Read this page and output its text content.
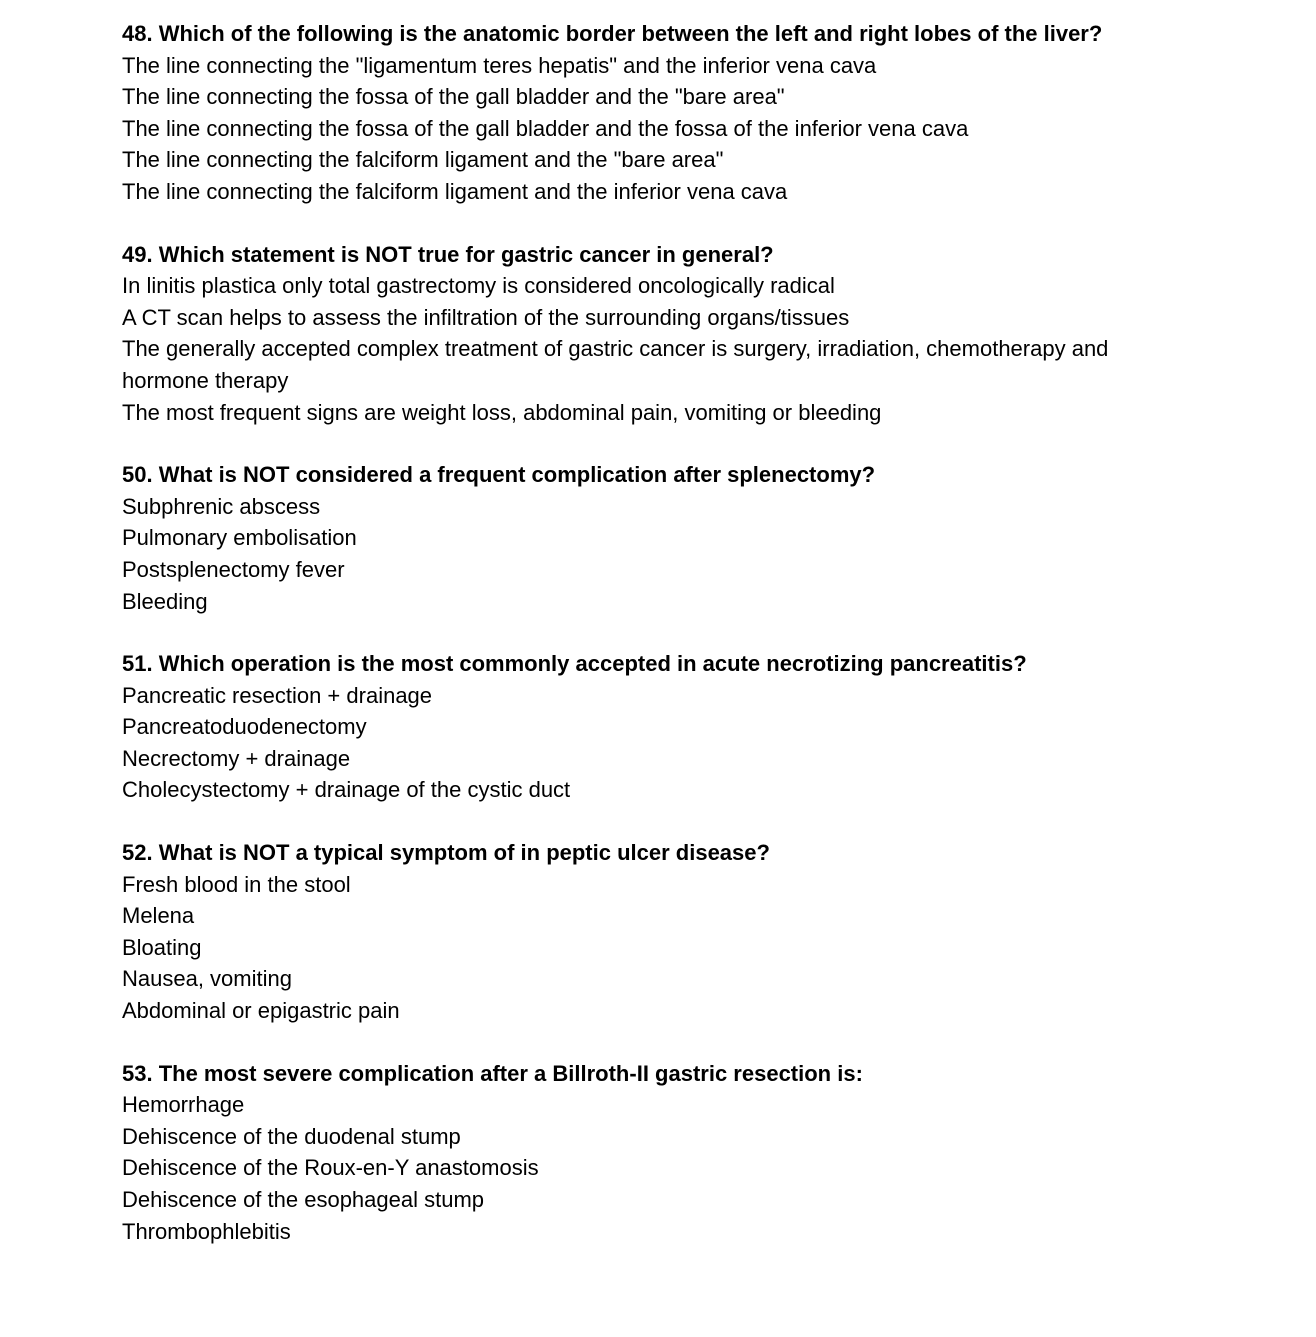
48. Which of the following is the anatomic border between the left and right lobes of the liver?

The line connecting the "ligamentum teres hepatis" and the inferior vena cava

The line connecting the fossa of the gall bladder and the "bare area"

The line connecting the fossa of the gall bladder and the fossa of the inferior vena cava

The line connecting the falciform ligament and the "bare area"

The line connecting the falciform ligament and the inferior vena cava

49. Which statement is NOT true for gastric cancer in general?

In linitis plastica only total gastrectomy is considered oncologically radical

A CT scan helps to assess the infiltration of the surrounding organs/tissues

The generally accepted complex treatment of gastric cancer is surgery, irradiation, chemotherapy and hormone therapy

The most frequent signs are weight loss, abdominal pain, vomiting or bleeding

50. What is NOT considered a frequent complication after splenectomy?

Subphrenic abscess

Pulmonary embolisation

Postsplenectomy fever

Bleeding

51. Which operation is the most commonly accepted in acute necrotizing pancreatitis?

Pancreatic resection + drainage

Pancreatoduodenectomy

Necrectomy + drainage

Cholecystectomy + drainage of the cystic duct

52. What is NOT a typical symptom of in peptic ulcer disease?

Fresh blood in the stool

Melena

Bloating

Nausea, vomiting

Abdominal or epigastric pain

53. The most severe complication after a Billroth-II gastric resection is:

Hemorrhage

Dehiscence of the duodenal stump

Dehiscence of the Roux-en-Y anastomosis

Dehiscence of the esophageal stump

Thrombophlebitis
